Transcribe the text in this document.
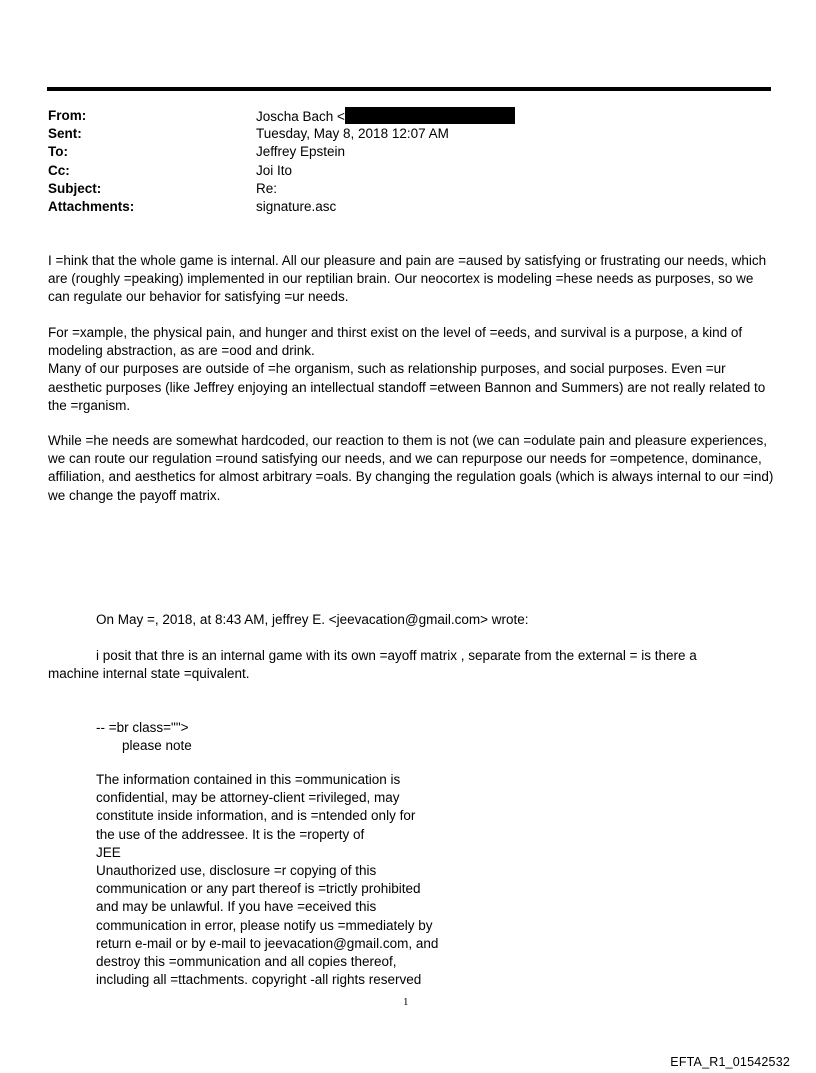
From:	Joscha Bach <
Sent:	Tuesday, May 8, 2018 12:07 AM
To:	Jeffrey Epstein
Cc:	Joi Ito
Subject:	Re:
Attachments:	signature.asc

I =hink that the whole game is internal. All our pleasure and pain are =aused by satisfying or frustrating our needs, which are (roughly =peaking) implemented in our reptilian brain. Our neocortex is modeling =hese needs as purposes, so we can regulate our behavior for satisfying =ur needs.

For =xample, the physical pain, and hunger and thirst exist on the level of =eeds, and survival is a purpose, a kind of modeling abstraction, as are =ood and drink.

Many of our purposes are outside of =he organism, such as relationship purposes, and social purposes. Even =ur aesthetic purposes (like Jeffrey enjoying an intellectual standoff =etween Bannon and Summers) are not really related to the =rganism.

While =he needs are somewhat hardcoded, our reaction to them is not (we can =odulate pain and pleasure experiences, we can route our regulation =round satisfying our needs, and we can repurpose our needs for =ompetence, dominance, affiliation, and aesthetics for almost arbitrary =oals. By changing the regulation goals (which is always internal to our =ind) we change the payoff matrix.

On May =, 2018, at 8:43 AM, jeffrey E. <jeevacation@gmail.com> wrote:

i posit that thre is an internal game with its own =ayoff matrix , separate from the external = is there a
machine internal state =quivalent.

-- =br class="">

please note

The information contained in this =ommunication is

confidential, may be attorney-client =rivileged, may

constitute inside information, and is =ntended only for

the use of the addressee. It is the =roperty of

JEE

Unauthorized use, disclosure =r copying of this

communication or any part thereof is =trictly prohibited

and may be unlawful. If you have =eceived this

communication in error, please notify us =mmediately by

return e-mail or by e-mail to jeevacation@gmail.com, and

destroy this =ommunication and all copies thereof,

including all =ttachments. copyright -all rights reserved

1
EFTA_R1_01542532
